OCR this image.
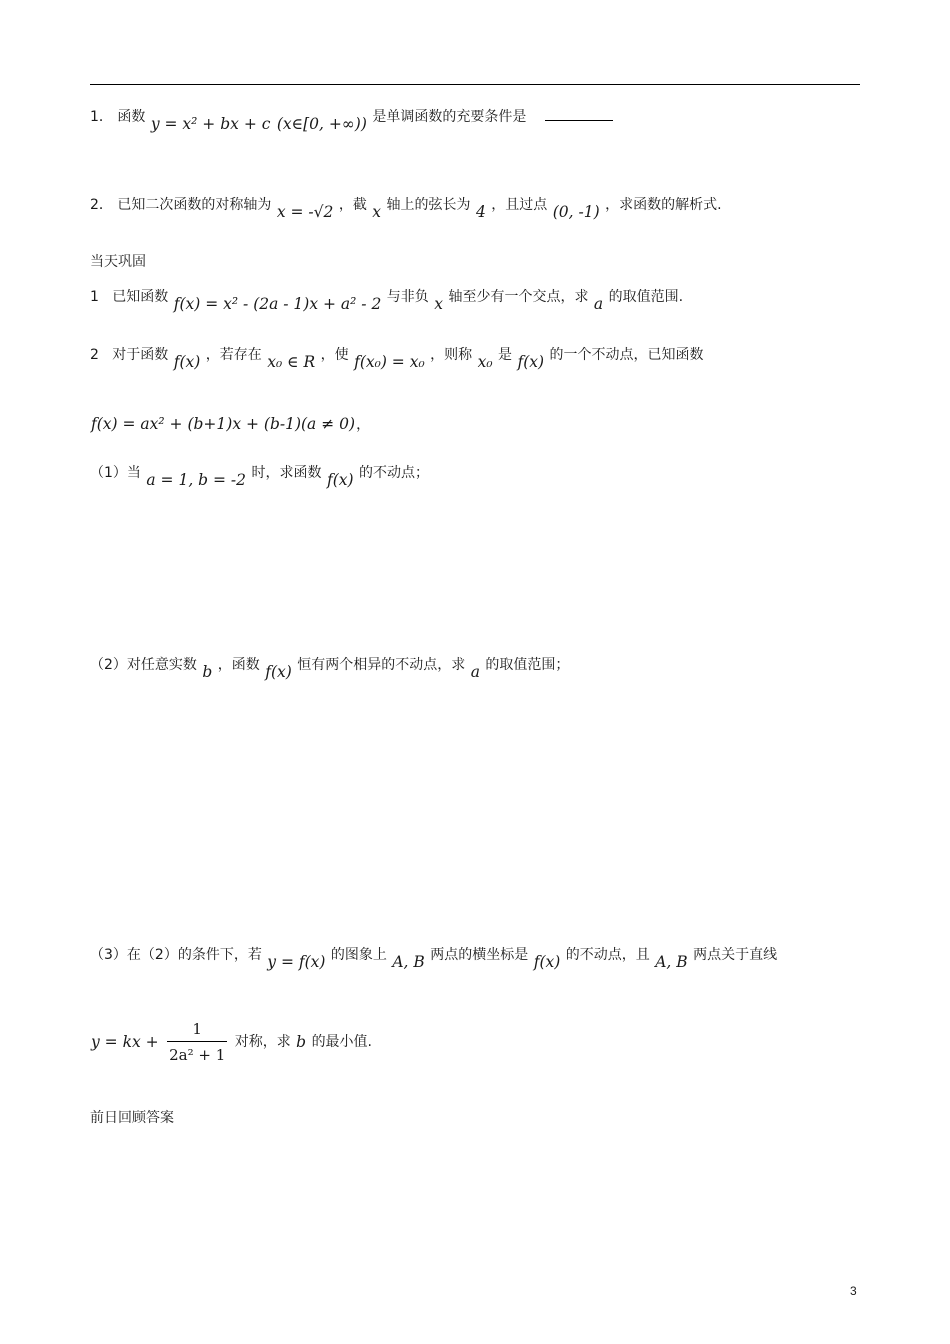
1． 函数 y = x² + bx + c (x∈[0, +∞)) 是单调函数的充要条件是
2． 已知二次函数的对称轴为 x = -√2 ，截 x 轴上的弦长为 4 ，且过点 (0, -1) ，求函数的解析式.
当天巩固
1 已知函数 f(x) = x² - (2a - 1)x + a² - 2 与非负 x 轴至少有一个交点，求 a 的取值范围.
2 对于函数 f(x) ，若存在 x₀ ∈ R ，使 f(x₀) = x₀ ，则称 x₀ 是 f(x) 的一个不动点，已知函数
f(x) = ax² + (b+1)x + (b-1)(a ≠ 0)，
（1）当 a = 1, b = -2 时，求函数 f(x) 的不动点；
（2）对任意实数 b ，函数 f(x) 恒有两个相异的不动点，求 a 的取值范围；
（3）在（2）的条件下，若 y = f(x) 的图象上 A, B 两点的横坐标是 f(x) 的不动点，且 A, B 两点关于直线
y = kx + $\frac{1}{\text{2a² + 1}}$ 对称，求 b 的最小值.
前日回顾答案
3
